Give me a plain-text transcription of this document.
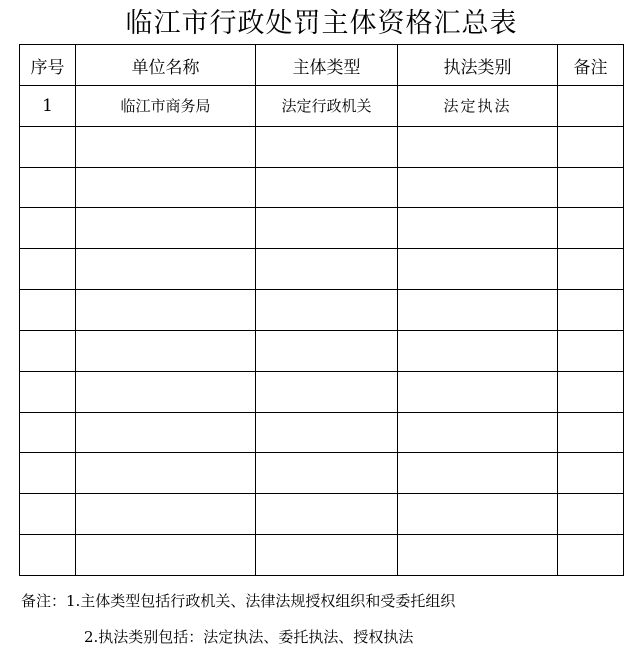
临江市行政处罚主体资格汇总表
序号	单位名称	主体类型	执法类别	备注
1	临江市商务局	法定行政机关	法定执法	

备注：1.主体类型包括行政机关、法律法规授权组织和受委托组织
2.执法类别包括：法定执法、委托执法、授权执法
